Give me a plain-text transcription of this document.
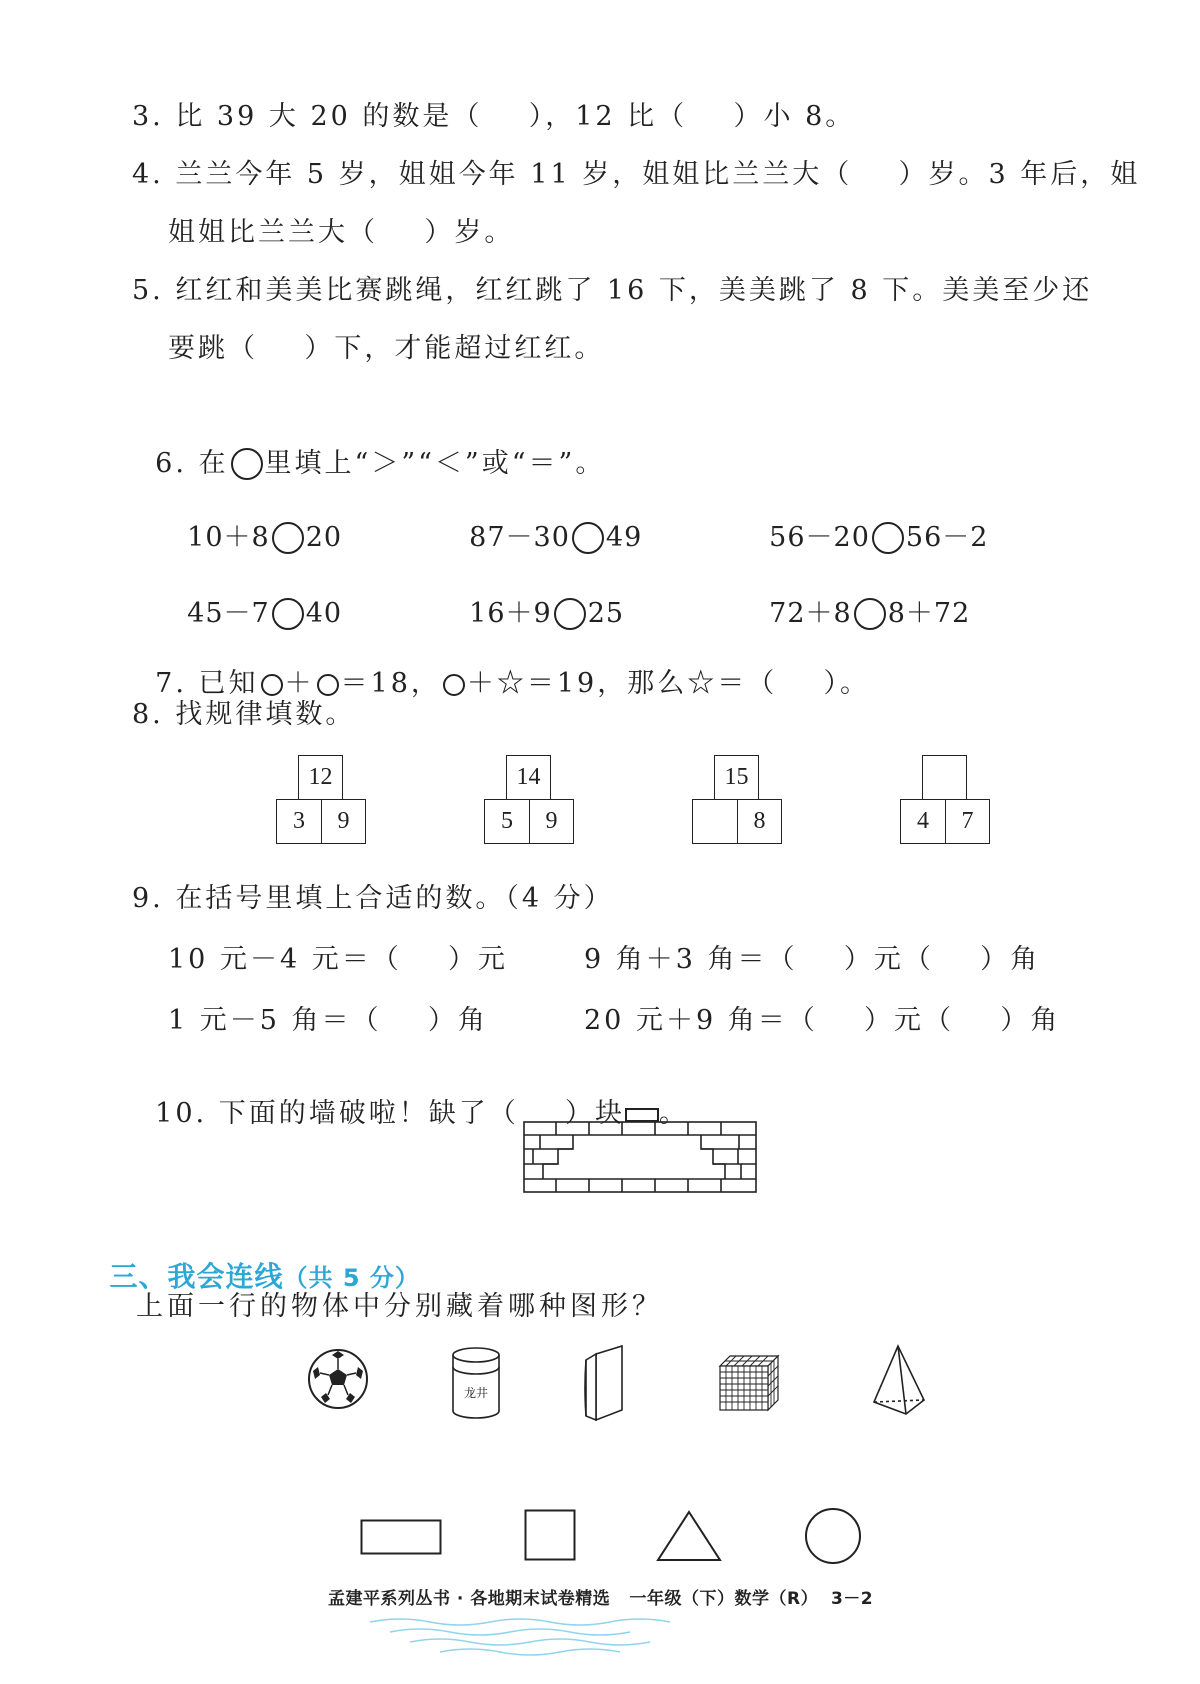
3. 比 39 大 20 的数是（    ），12 比（    ）小 8。
4. 兰兰今年 5 岁，姐姐今年 11 岁，姐姐比兰兰大（    ）岁。3 年后，姐
姐姐比兰兰大（    ）岁。
5. 红红和美美比赛跳绳，红红跳了 16 下，美美跳了 8 下。美美至少还
要跳（    ）下，才能超过红红。

6. 在 里填上“＞”“＜”或“＝”。

10＋8 20	87－30 49	56－20 56－2

45－7 40	16＋9 25	72＋8 8＋72

7. 已知 ＋ ＝18， ＋☆＝19，那么☆＝（    ）。

8. 找规律填数。
12
3	9
14
5	9
15
8	4	7
9. 在括号里填上合适的数。（4 分）
10 元－4 元＝（    ）元	9 角＋3 角＝（    ）元（    ）角
1 元－5 角＝（    ）角	20 元＋9 角＝（    ）元（    ）角

10. 下面的墙破啦！缺了（    ）块 。

三、我会连线（共 5 分）

上面一行的物体中分别藏着哪种图形？
龙井
孟建平系列丛书 · 各地期末试卷精选   一年级（下）数学（R）  3－2
